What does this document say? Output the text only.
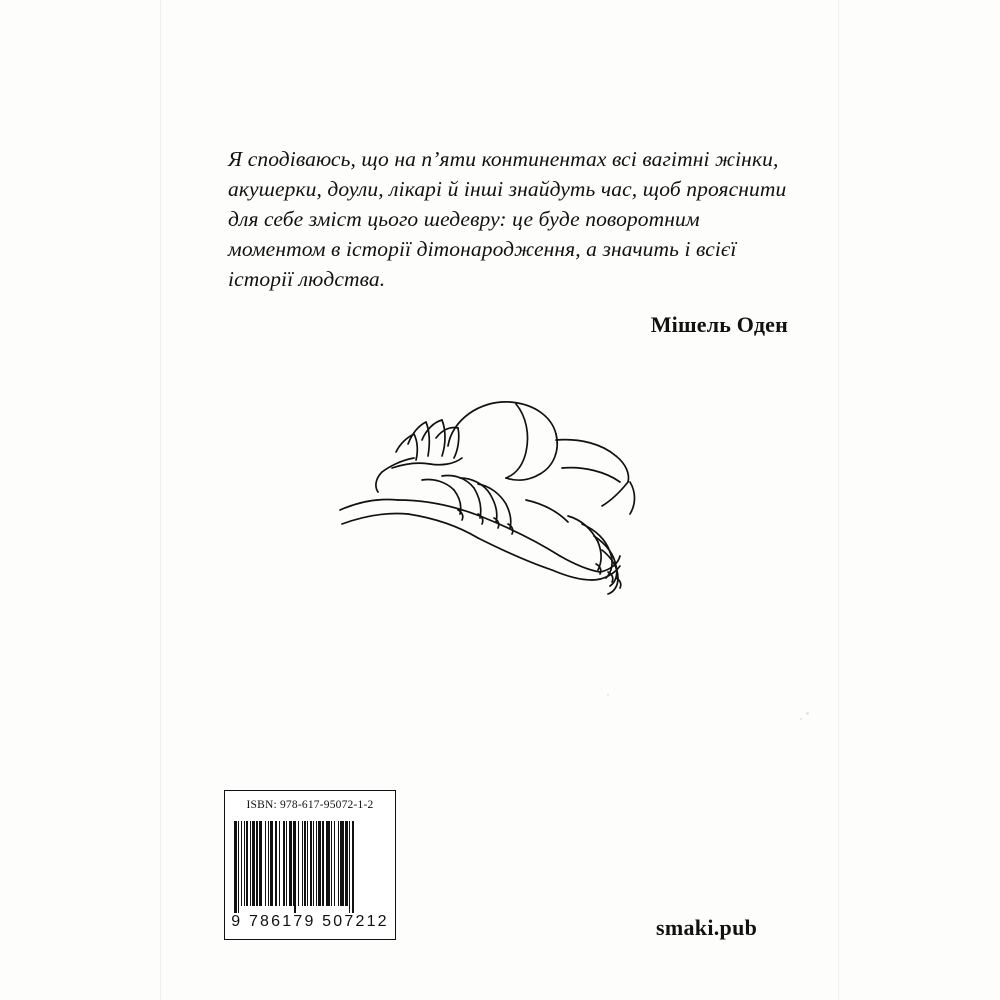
Я сподіваюсь, що на п’яти континентах всі вагітні жінки, акушерки, доули, лікарі й інші знайдуть час, щоб прояснити для себе зміст цього шедевру: це буде поворотним моментом в історії дітонародження, а значить і всієї історії людства.

Мішель Оден
ISBN: 978-617-95072-1-2
9 786179 507212	smaki.pub
